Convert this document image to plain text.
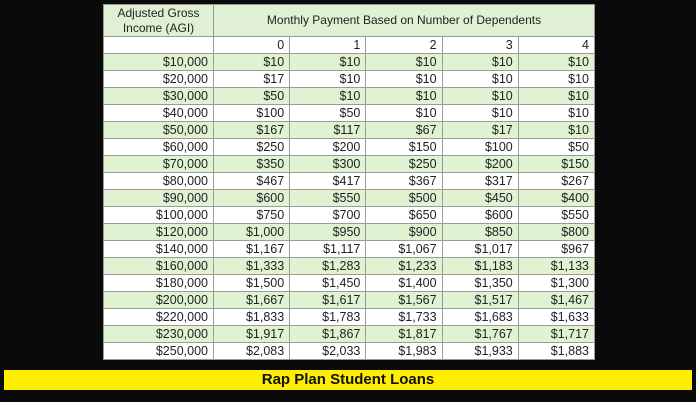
Adjusted Gross Income (AGI)	Monthly Payment Based on Number of Dependents				
	0	1	2	3	4
$10,000	$10	$10	$10	$10	$10
$20,000	$17	$10	$10	$10	$10
$30,000	$50	$10	$10	$10	$10
$40,000	$100	$50	$10	$10	$10
$50,000	$167	$117	$67	$17	$10
$60,000	$250	$200	$150	$100	$50
$70,000	$350	$300	$250	$200	$150
$80,000	$467	$417	$367	$317	$267
$90,000	$600	$550	$500	$450	$400
$100,000	$750	$700	$650	$600	$550
$120,000	$1,000	$950	$900	$850	$800
$140,000	$1,167	$1,117	$1,067	$1,017	$967
$160,000	$1,333	$1,283	$1,233	$1,183	$1,133
$180,000	$1,500	$1,450	$1,400	$1,350	$1,300
$200,000	$1,667	$1,617	$1,567	$1,517	$1,467
$220,000	$1,833	$1,783	$1,733	$1,683	$1,633
$230,000	$1,917	$1,867	$1,817	$1,767	$1,717
$250,000	$2,083	$2,033	$1,983	$1,933	$1,883
Rap Plan Student Loans
